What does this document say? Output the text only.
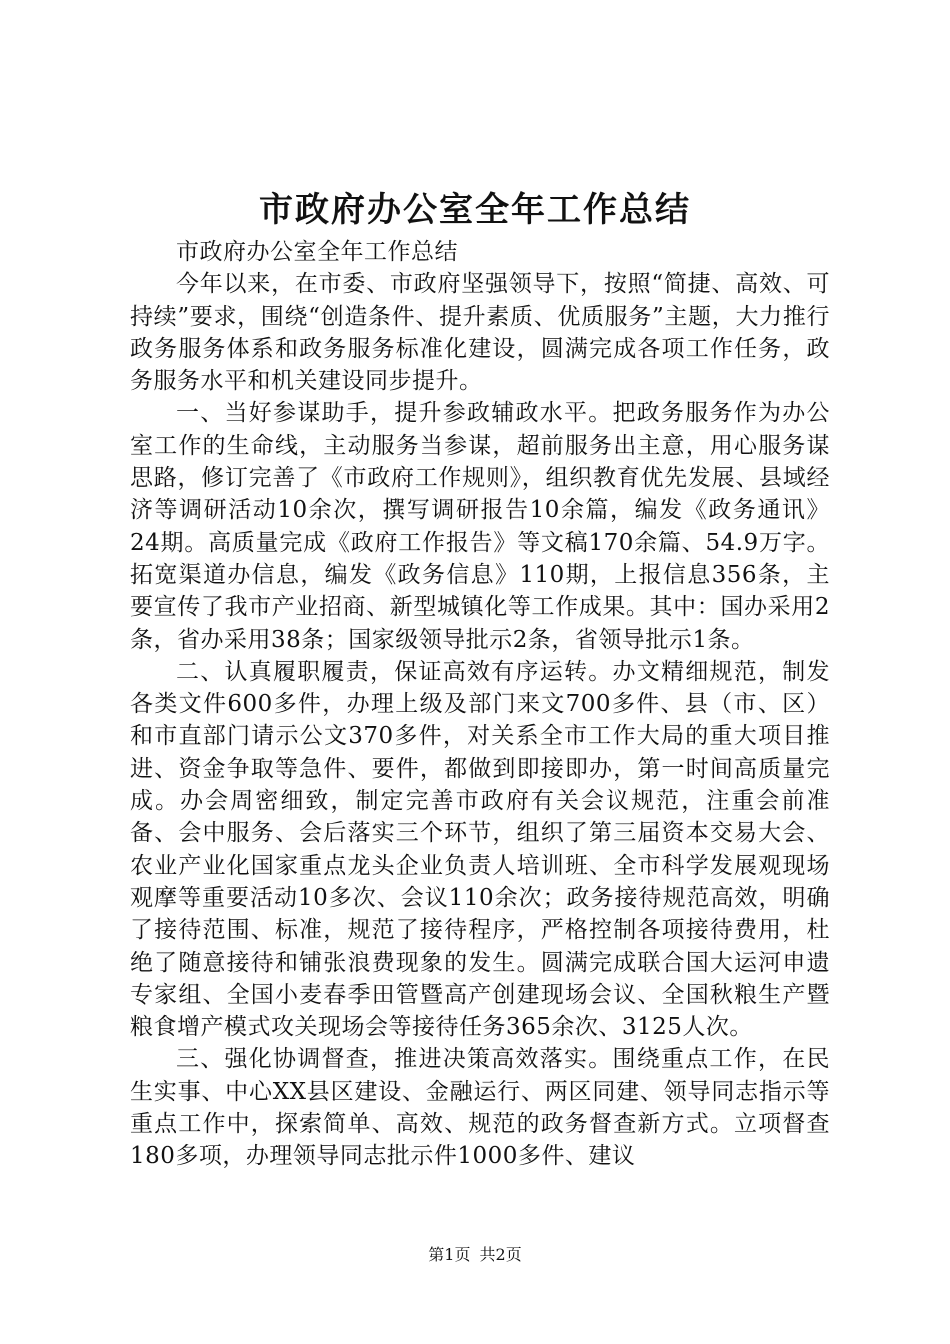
市政府办公室全年工作总结

市政府办公室全年工作总结

今年以来，在市委、市政府坚强领导下，按照“简捷、高效、可持续”要求，围绕“创造条件、提升素质、优质服务”主题，大力推行政务服务体系和政务服务标准化建设，圆满完成各项工作任务，政务服务水平和机关建设同步提升。

一、当好参谋助手，提升参政辅政水平。把政务服务作为办公室工作的生命线，主动服务当参谋，超前服务出主意，用心服务谋思路，修订完善了《市政府工作规则》，组织教育优先发展、县域经济等调研活动10余次，撰写调研报告10余篇，编发《政务通讯》24期。高质量完成《政府工作报告》等文稿170余篇、54.9万字。拓宽渠道办信息，编发《政务信息》110期，上报信息356条，主要宣传了我市产业招商、新型城镇化等工作成果。其中：国办采用2条，省办采用38条；国家级领导批示2条，省领导批示1条。

二、认真履职履责，保证高效有序运转。办文精细规范，制发各类文件600多件，办理上级及部门来文700多件、县（市、区）和市直部门请示公文370多件，对关系全市工作大局的重大项目推进、资金争取等急件、要件，都做到即接即办，第一时间高质量完成。办会周密细致，制定完善市政府有关会议规范，注重会前准备、会中服务、会后落实三个环节，组织了第三届资本交易大会、农业产业化国家重点龙头企业负责人培训班、全市科学发展观现场观摩等重要活动10多次、会议110余次；政务接待规范高效，明确了接待范围、标准，规范了接待程序，严格控制各项接待费用，杜绝了随意接待和铺张浪费现象的发生。圆满完成联合国大运河申遗专家组、全国小麦春季田管暨高产创建现场会议、全国秋粮生产暨粮食增产模式攻关现场会等接待任务365余次、3125人次。

三、强化协调督查，推进决策高效落实。围绕重点工作，在民生实事、中心XX县区建设、金融运行、两区同建、领导同志指示等重点工作中，探索简单、高效、规范的政务督查新方式。立项督查180多项，办理领导同志批示件1000多件、建议

第1页 共2页
